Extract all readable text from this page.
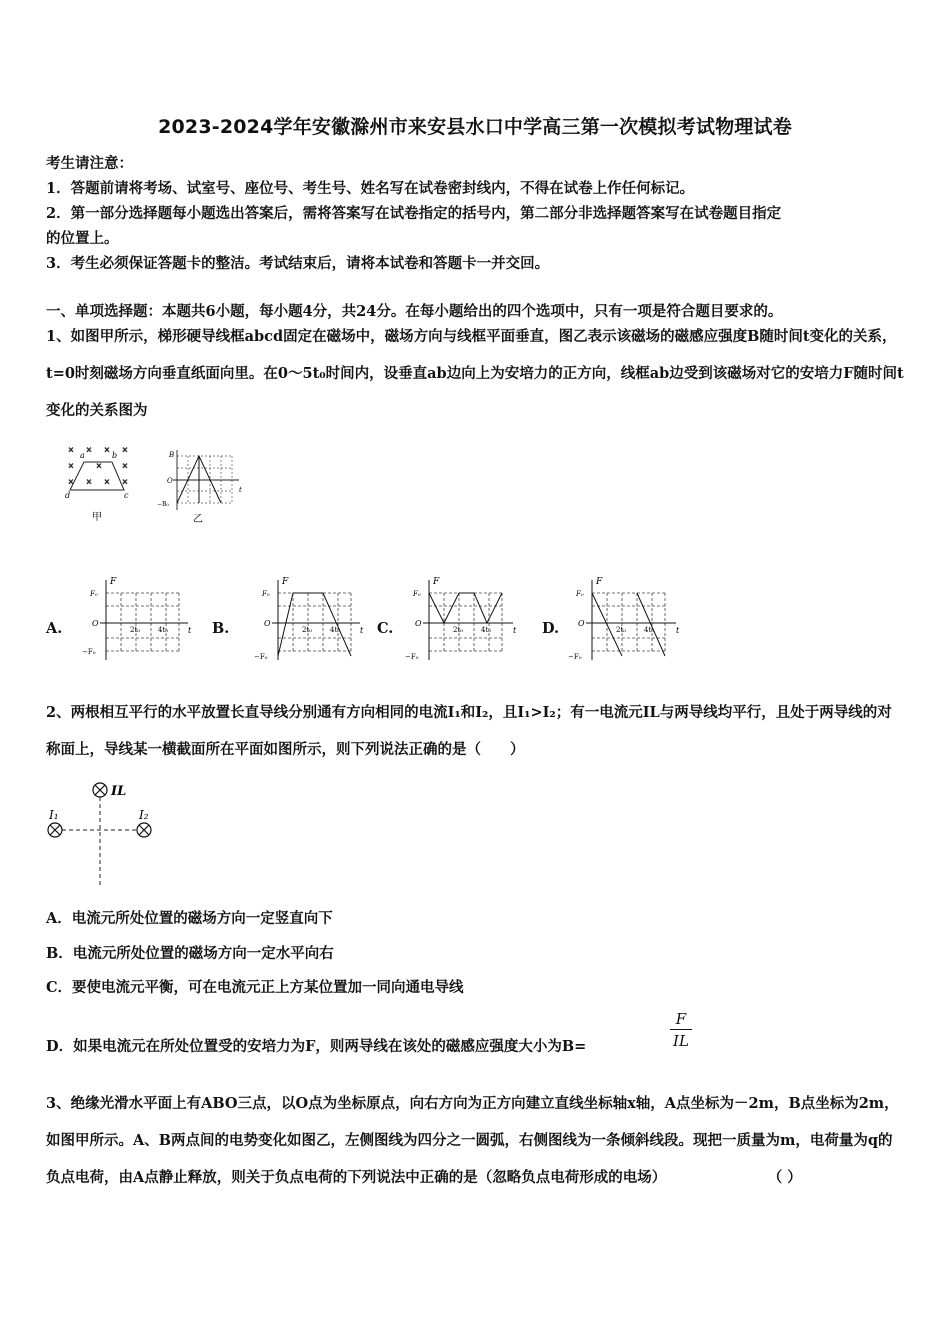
2023-2024学年安徽滁州市来安县水口中学高三第一次模拟考试物理试卷
考生请注意：
1．答题前请将考场、试室号、座位号、考生号、姓名写在试卷密封线内，不得在试卷上作任何标记。
2．第一部分选择题每小题选出答案后，需将答案写在试卷指定的括号内，第二部分非选择题答案写在试卷题目指定
的位置上。
3．考生必须保证答题卡的整洁。考试结束后，请将本试卷和答题卡一并交回。
一、单项选择题：本题共6小题，每小题4分，共24分。在每小题给出的四个选项中，只有一项是符合题目要求的。
1、如图甲所示，梯形硬导线框abcd固定在磁场中，磁场方向与线框平面垂直，图乙表示该磁场的磁感应强度B随时间t变化的关系，t=0时刻磁场方向垂直纸面向里。在0～5t₀时间内，设垂直ab边向上为安培力的正方向，线框ab边受到该磁场对它的安培力F随时间t变化的关系图为
× × × ×
×	×	×
× × × ×
a	b
c
d
甲
B
O
−B₀
t
乙
A.
F
F₀
O
−F₀
2t₀	4t₀ t B.
F
F₀
O
−F₀
2t₀	4t₀ t C.
F
F₀
O
−F₀
2t₀	4t₀	t D.
F
F₀
O
−F₀
2t₀	4t₀	t
2、两根相互平行的水平放置长直导线分别通有方向相同的电流I₁和I₂，且I₁>I₂；有一电流元IL与两导线均平行，且处于两导线的对称面上，导线某一横截面所在平面如图所示，则下列说法正确的是（　　）
IL
I₁	I₂
A．电流元所处位置的磁场方向一定竖直向下
B．电流元所处位置的磁场方向一定水平向右
C．要使电流元平衡，可在电流元正上方某位置加一同向通电导线
D．如果电流元在所处位置受的安培力为F，则两导线在该处的磁感应强度大小为B=	$\frac{F}{IL}$
3、绝缘光滑水平面上有ABO三点，以O点为坐标原点，向右方向为正方向建立直线坐标轴x轴，A点坐标为－2m，B点坐标为2m，如图甲所示。A、B两点间的电势变化如图乙，左侧图线为四分之一圆弧，右侧图线为一条倾斜线段。现把一质量为m，电荷量为q的负点电荷，由A点静止释放，则关于负点电荷的下列说法中正确的是（忽略负点电荷形成的电场）　　　　　　　　（ ）
